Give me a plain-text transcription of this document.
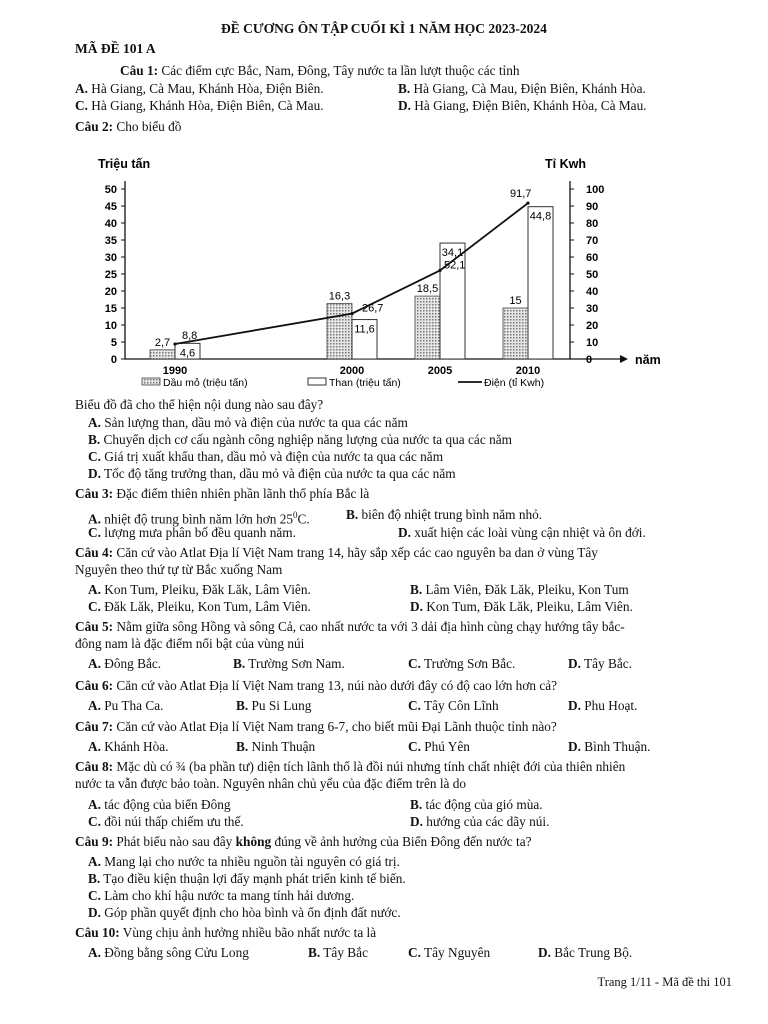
ĐỀ CƯƠNG ÔN TẬP CUỐI KÌ 1 NĂM HỌC 2023-2024
MÃ ĐỀ 101 A
Câu 1: Các điểm cực Bắc, Nam, Đông, Tây nước ta lần lượt thuộc các tỉnh
A. Hà Giang, Cà Mau, Khánh Hòa, Điện Biên.	B. Hà Giang, Cà Mau, Điện Biên, Khánh Hòa.
C. Hà Giang, Khánh Hòa, Điện Biên, Cà Mau.	D. Hà Giang, Điện Biên, Khánh Hòa, Cà Mau.
Câu 2: Cho biểu đồ
Triệu tấn	Tỉ Kwh
năm
0
5
10
15
20
25
30
35
40
45
50
0
10
20
30
40
50
60
70
80
90
100
1990	2000	2005	2010
2,7
16,3
18,5
15
4,6
11,6
34,1
44,8
8,8
26,7
52,1
91,7
Dầu mỏ (triệu tấn)	Than (triệu tấn)	Điện (tỉ Kwh)
Biểu đồ đã cho thể hiện nội dung nào sau đây?
A. Sản lượng than, dầu mỏ và điện của nước ta qua các năm
B. Chuyển dịch cơ cấu ngành công nghiệp năng lượng của nước ta qua các năm
C. Giá trị xuất khẩu than, dầu mỏ và điện của nước ta qua các năm
D. Tốc độ tăng trưởng than, dầu mỏ và điện của nước ta qua các năm
Câu 3: Đặc điểm thiên nhiên phần lãnh thổ phía Bắc là
A. nhiệt độ trung bình năm lớn hơn $25^0C$.	B. biên độ nhiệt trung bình năm nhỏ.
C. lượng mưa phân bố đều quanh năm.	D. xuất hiện các loài vùng cận nhiệt và ôn đới.
Câu 4: Căn cứ vào Atlat Địa lí Việt Nam trang 14, hãy sắp xếp các cao nguyên ba dan ở vùng Tây
Nguyên theo thứ tự từ Bắc xuống Nam
A. Kon Tum, Pleiku, Đăk Lăk, Lâm Viên.	B. Lâm Viên, Đăk Lăk, Pleiku, Kon Tum
C. Đăk Lăk, Pleiku, Kon Tum, Lâm Viên.	D. Kon Tum, Đăk Lăk, Pleiku, Lâm Viên.
Câu 5: Nằm giữa sông Hồng và sông Cả, cao nhất nước ta với 3 dải địa hình cùng chạy hướng tây bắc-
đông nam là đặc điểm nổi bật của vùng núi
A. Đông Bắc.	B. Trường Sơn Nam.	C. Trường Sơn Bắc.	D. Tây Bắc.
Câu 6: Căn cứ vào Atlat Địa lí Việt Nam trang 13, núi nào dưới đây có độ cao lớn hơn cả?
A. Pu Tha Ca.	B. Pu Si Lung	C. Tây Côn Lĩnh	D. Phu Hoạt.
Câu 7: Căn cứ vào Atlat Địa lí Việt Nam trang 6-7, cho biết mũi Đại Lãnh thuộc tỉnh nào?
A. Khánh Hòa.	B. Ninh Thuận	C. Phú Yên	D. Bình Thuận.
Câu 8: Mặc dù có ¾ (ba phần tư) diện tích lãnh thổ là đồi núi nhưng tính chất nhiệt đới của thiên nhiên
nước ta vẫn được bảo toàn. Nguyên nhân chủ yếu của đặc điểm trên là do
A. tác động của biển Đông	B. tác động của gió mùa.
C. đồi núi thấp chiếm ưu thế.	D. hướng của các dãy núi.
Câu 9: Phát biểu nào sau đây không đúng về ảnh hưởng của Biển Đông đến nước ta?
A. Mang lại cho nước ta nhiều nguồn tài nguyên có giá trị.
B. Tạo điều kiện thuận lợi đẩy mạnh phát triển kinh tế biển.
C. Làm cho khí hậu nước ta mang tính hải dương.
D. Góp phần quyết định cho hòa bình và ổn định đất nước.
Câu 10: Vùng chịu ảnh hưởng nhiều bão nhất nước ta là
A. Đồng bằng sông Cửu Long	B. Tây Bắc	C. Tây Nguyên	D. Bắc Trung Bộ.
Trang 1/11 - Mã đề thi 101
